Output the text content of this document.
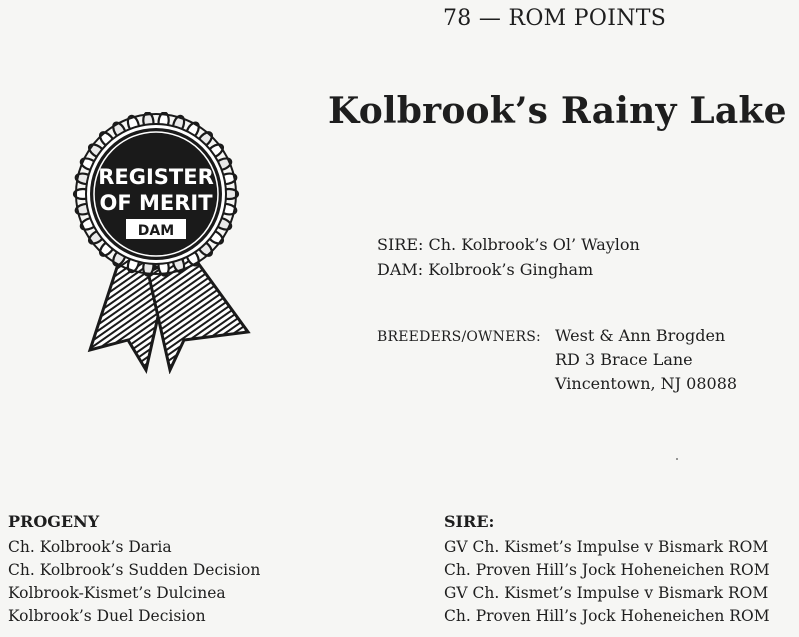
78 — ROM POINTS
Kolbrook’s Rainy Lake
REGISTER
OF MERIT
DAM
SIRE: Ch. Kolbrook’s Ol’ Waylon
DAM: Kolbrook’s Gingham
BREEDERS/OWNERS: West & Ann Brogden
RD 3 Brace Lane
Vincentown, NJ 08088
PROGENY
Ch. Kolbrook’s Daria
Ch. Kolbrook’s Sudden Decision
Kolbrook-Kismet’s Dulcinea
Kolbrook’s Duel Decision
SIRE:
GV Ch. Kismet’s Impulse v Bismark ROM
Ch. Proven Hill’s Jock Hoheneichen ROM
GV Ch. Kismet’s Impulse v Bismark ROM
Ch. Proven Hill’s Jock Hoheneichen ROM
